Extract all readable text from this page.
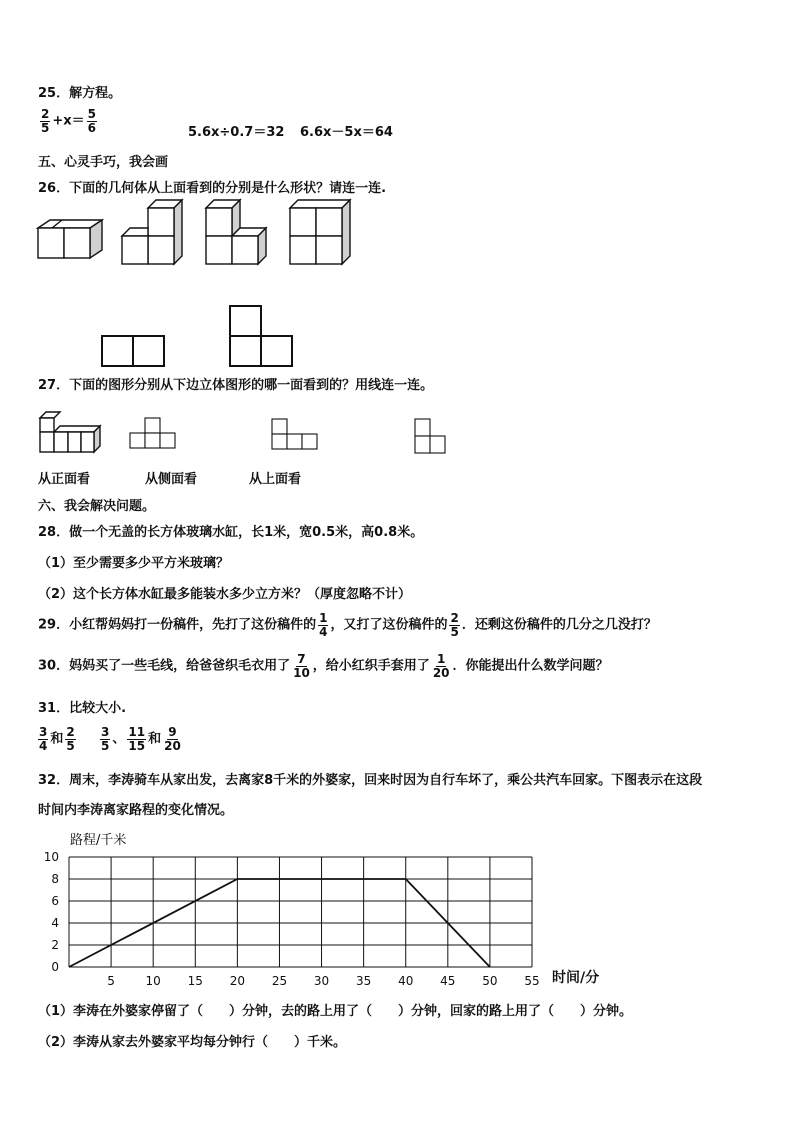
25．解方程。
$\frac{2}{5} +x= \frac{5}{6}$	5.6x÷0.7＝32 6.6x－5x＝64
五、心灵手巧，我会画
26．下面的几何体从上面看到的分别是什么形状？请连一连.
27．下面的图形分别从下边立体图形的哪一面看到的？用线连一连。
从正面看	从侧面看	从上面看
六、我会解决问题。
28．做一个无盖的长方体玻璃水缸，长1米，宽0.5米，高0.8米。
（1）至少需要多少平方米玻璃？
（2）这个长方体水缸最多能装水多少立方米？（厚度忽略不计）
29．小红帮妈妈打一份稿件，先打了这份稿件的 $\frac{1}{4}$ ，又打了这份稿件的 $\frac{2}{5}$ ．还剩这份稿件的几分之几没打？
30．妈妈买了一些毛线，给爸爸织毛衣用了 $\frac{7}{10}$ ，给小红织手套用了 $\frac{1}{20}$ ．你能提出什么数学问题？
31．比较大小.
$\frac{3}{4}$ 和 $\frac{2}{5} \frac{3}{5}$ 、 $\frac{11}{15}$ 和 $\frac{9}{20}$
32．周末，李涛骑车从家出发，去离家8千米的外婆家，回来时因为自行车坏了，乘公共汽车回家。下图表示在这段
时间内李涛离家路程的变化情况。
0
2
4
6
8
10
5	10 15 20 25 30 35 40 45 50 55
路程/千米
时间/分
（1）李涛在外婆家停留了（　　）分钟，去的路上用了（　　）分钟，回家的路上用了（　　）分钟。
（2）李涛从家去外婆家平均每分钟行（　　）千米。
